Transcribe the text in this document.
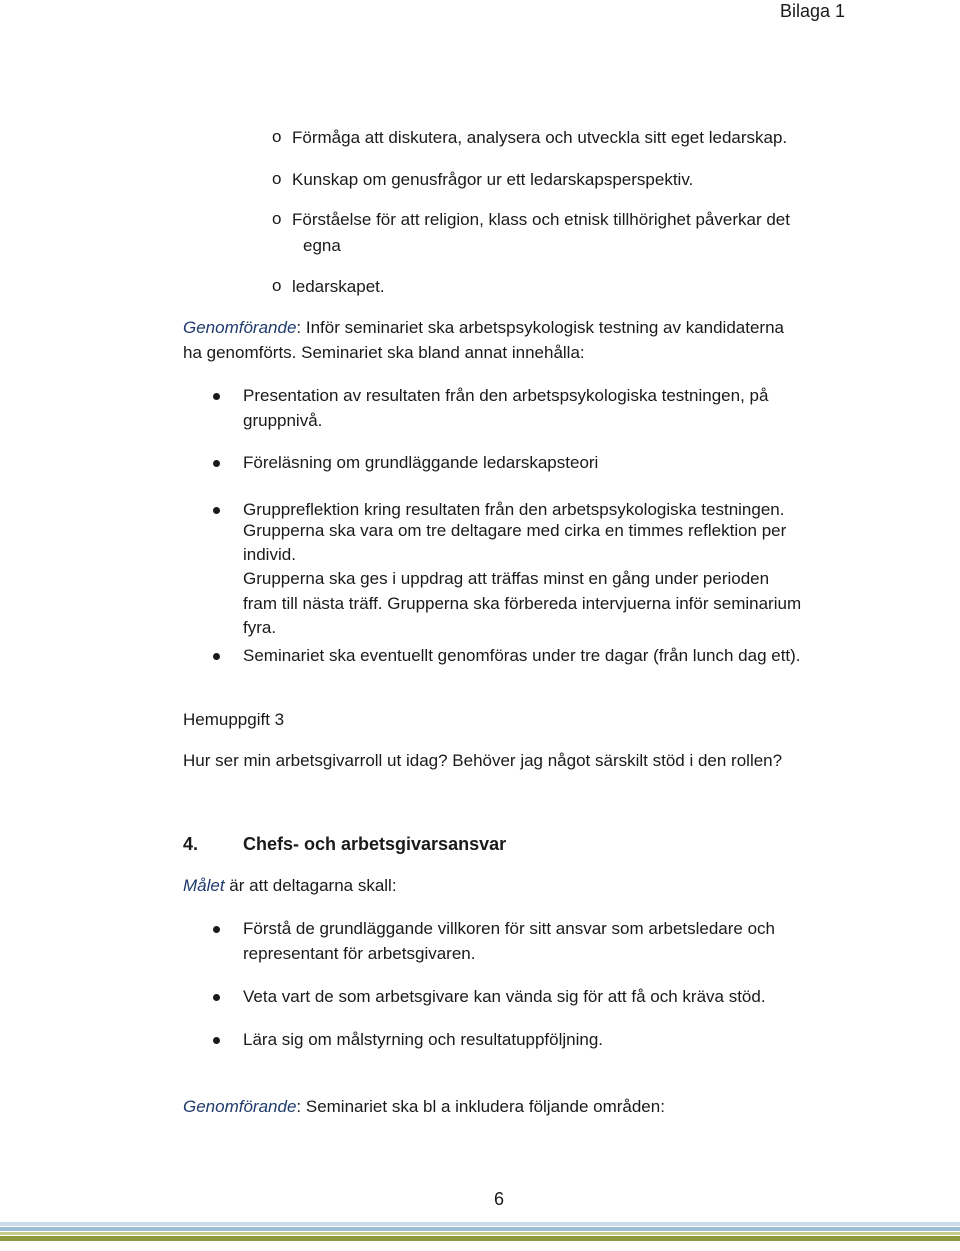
Bilaga 1
o Förmåga att diskutera, analysera och utveckla sitt eget ledarskap.
o Kunskap om genusfrågor ur ett ledarskapsperspektiv.
o Förståelse för att religion, klass och etnisk tillhörighet påverkar det
egna
o ledarskapet.
Genomförande: Inför seminariet ska arbetspsykologisk testning av kandidaterna
ha genomförts. Seminariet ska bland annat innehålla:
Presentation av resultaten från den arbetspsykologiska testningen, på
gruppnivå.
Föreläsning om grundläggande ledarskapsteori
Gruppreflektion kring resultaten från den arbetspsykologiska testningen.
Grupperna ska vara om tre deltagare med cirka en timmes reflektion per
individ.
Grupperna ska ges i uppdrag att träffas minst en gång under perioden
fram till nästa träff. Grupperna ska förbereda intervjuerna inför seminarium
fyra.
Seminariet ska eventuellt genomföras under tre dagar (från lunch dag ett).
Hemuppgift 3
Hur ser min arbetsgivarroll ut idag? Behöver jag något särskilt stöd i den rollen?
4. Chefs- och arbetsgivarsansvar
Målet är att deltagarna skall:
Förstå de grundläggande villkoren för sitt ansvar som arbetsledare och
representant för arbetsgivaren.
Veta vart de som arbetsgivare kan vända sig för att få och kräva stöd.
Lära sig om målstyrning och resultatuppföljning.
Genomförande: Seminariet ska bl a inkludera följande områden:
6
